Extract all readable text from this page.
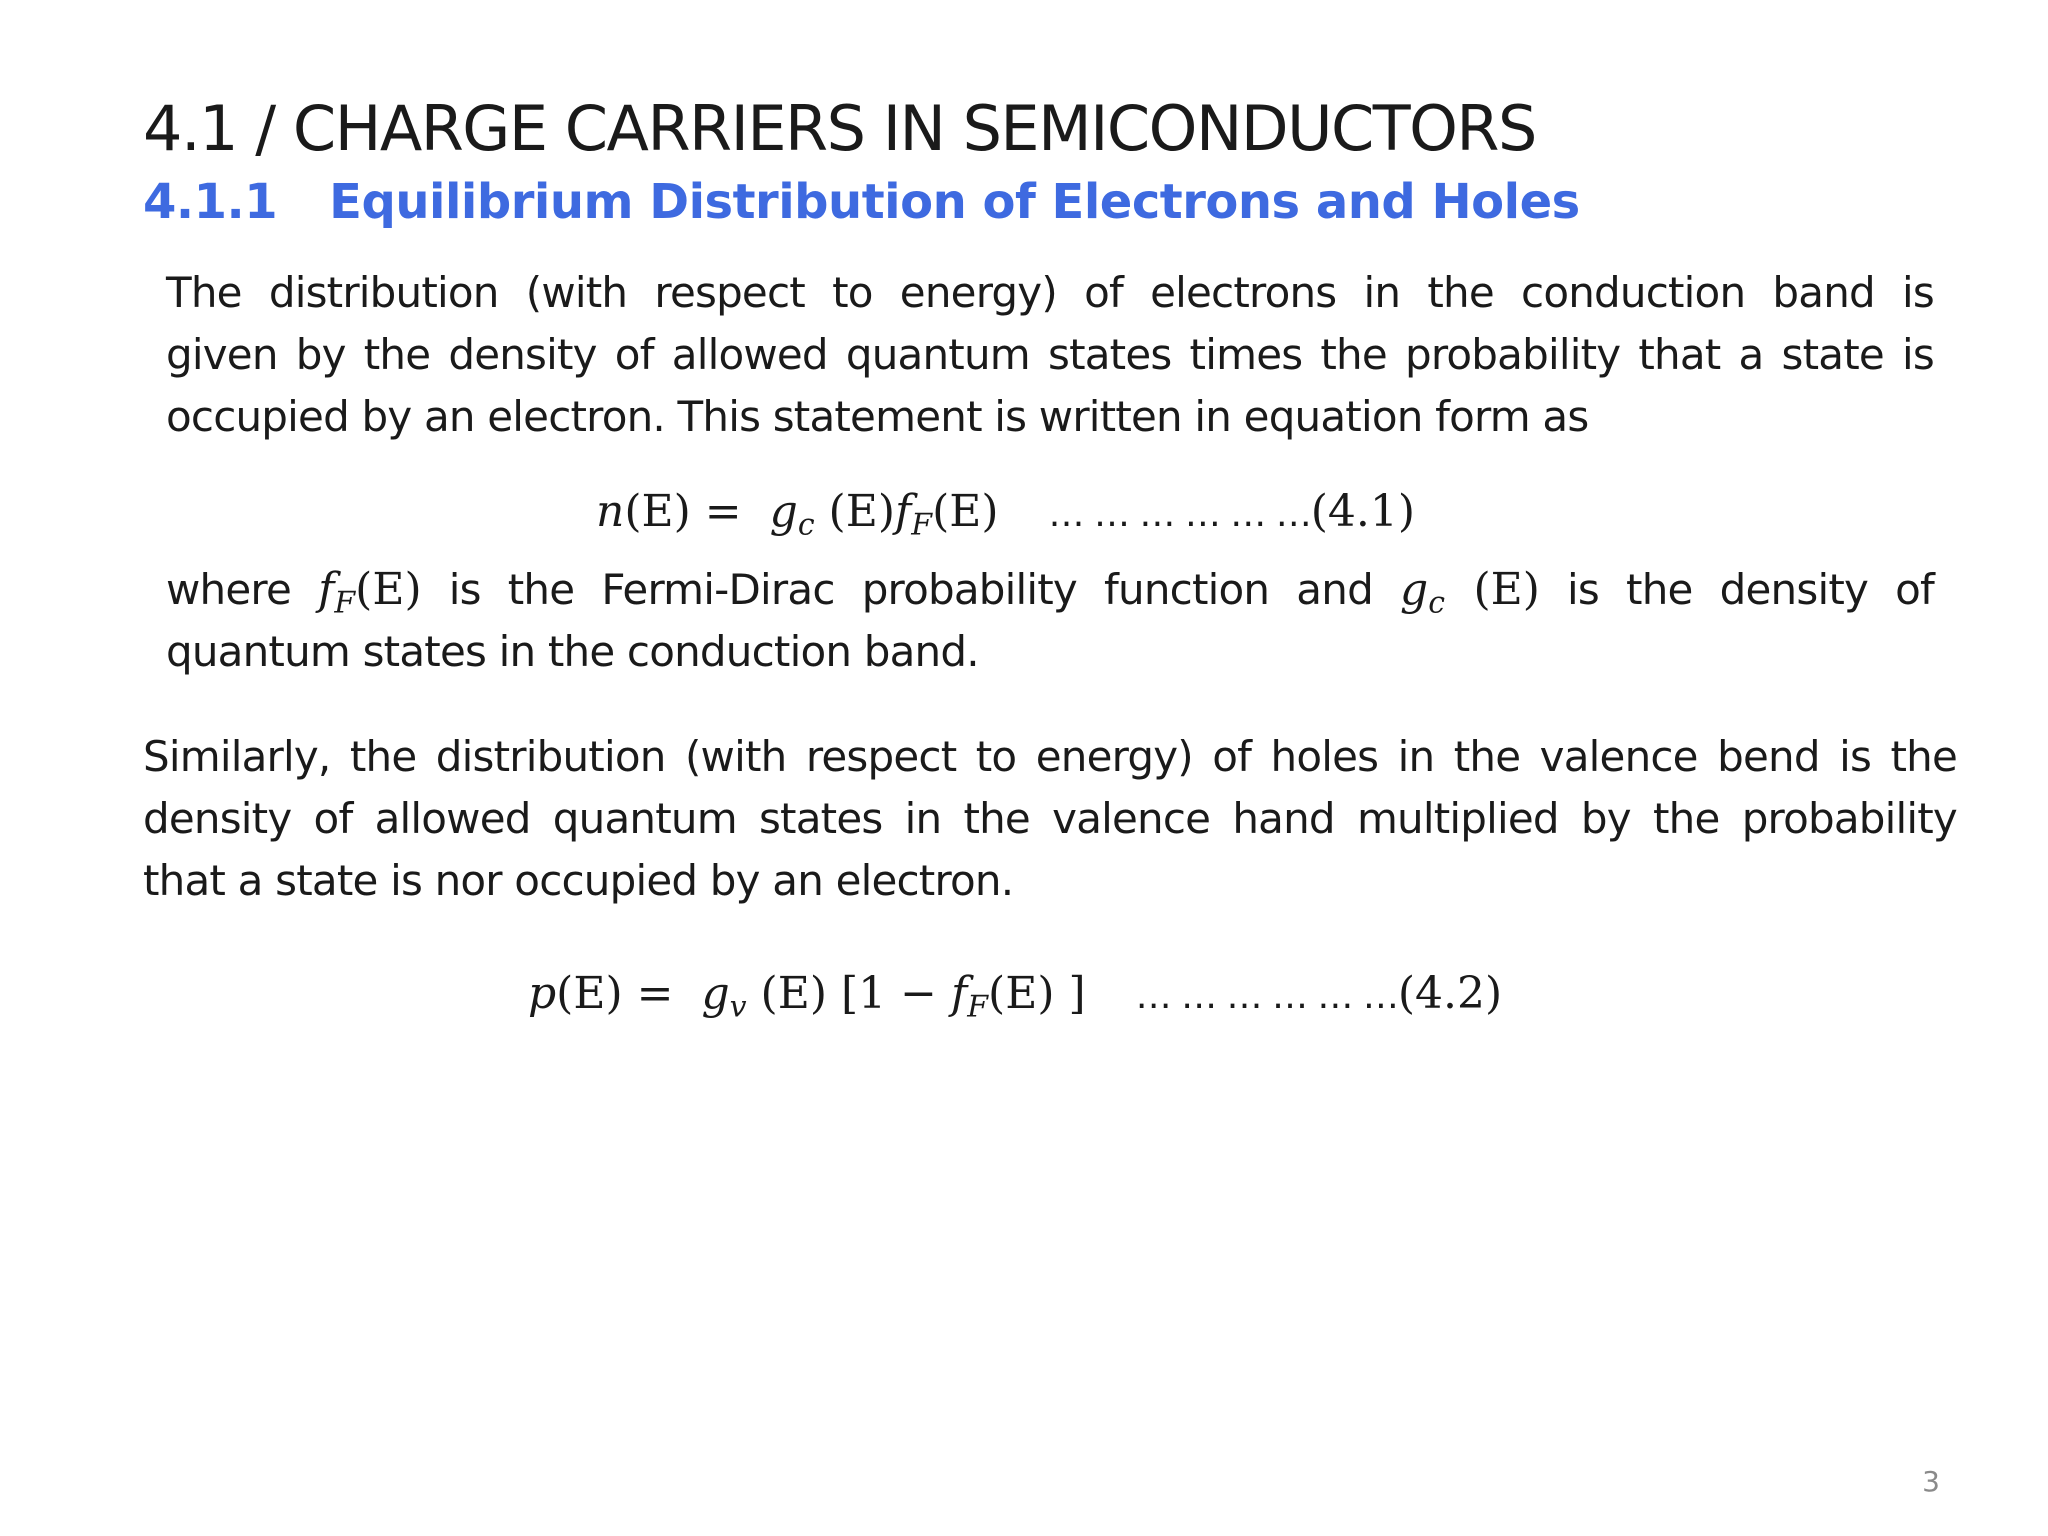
4.1 / CHARGE CARRIERS IN SEMICONDUCTORS
4.1.1 Equilibrium Distribution of Electrons and Holes
The distribution (with respect to energy) of electrons in the conduction band is
given by the density of allowed quantum states times the probability that a state is
occupied by an electron. This statement is written in equation form as
$n(E) = g_c$ $(E)f_F(E)$ … … … … … …(4.1)
where $f_F(E)$ is the Fermi-Dirac probability function and $g_c$ (E) is the density of
quantum states in the conduction band.
Similarly, the distribution (with respect to energy) of holes in the valence bend is the
density of allowed quantum states in the valence hand multiplied by the probability
that a state is nor occupied by an electron.
$p(E) = g_v$ (E) [$1 - f_F(E)$ ] … … … … … …(4.2)
3
